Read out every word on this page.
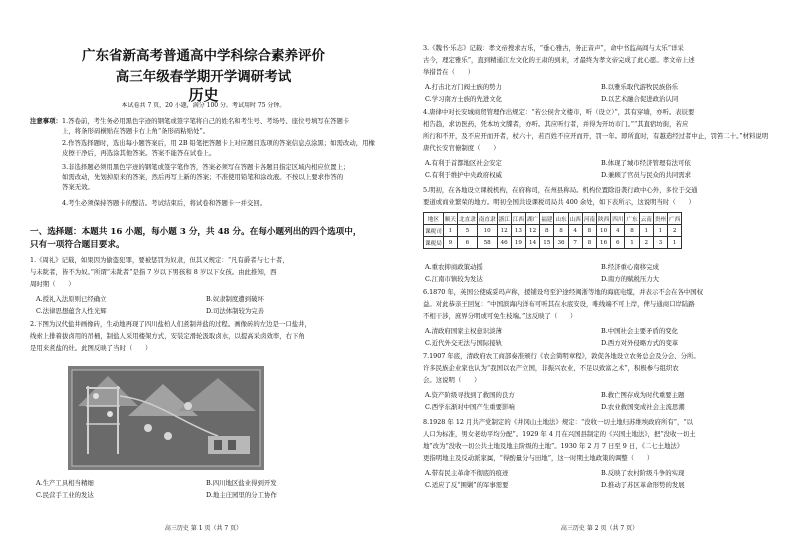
广东省新高考普通高中学科综合素养评价
高三年级春学期开学调研考试
历史
本试卷共 7 页，20 小题，满分 100 分。考试用时 75 分钟。
注意事项： 1.答卷前，考生务必用黑色字迹的钢笔或签字笔将自己的姓名和考生号、考场号、座位号填写在答题卡
上，将条形码横贴在答题卡右上角“条形码粘贴处”。
2.作答选择题时，选出每小题答案后，用 2B 铅笔把答题卡上对应题目选项的答案信息点涂黑；如需改动，用橡
皮擦干净后，再选涂其他答案。答案不能答在试卷上。
3.非选择题必须用黑色字迹的钢笔或签字笔作答，答案必须写在答题卡各题目指定区域内相应位置上；
如需改动，先划掉原来的答案，然后再写上新的答案；不准使用铅笔和涂改液。不按以上要求作答的
答案无效。
4.考生必须保持答题卡的整洁。考试结束后，将试卷和答题卡一并交回。
一、选择题：本题共 16 小题，每小题 3 分，共 48 分。在每小题列出的四个选项中，
只有一项符合题目要求。
1.《周礼》记载，如果因为偷盗犯罪，要被惩罚为奴隶，但其又规定：“凡有爵者与七十者，
与未龀者，皆不为奴。”所谓“未龀者”是指 7 岁以下男孩和 8 岁以下女孩。由此推知，西
周时期（　　）
A.授礼入法原则已经确立	B.奴隶制度遭到破坏
C.法律思想蕴含人性光辉	D.司法体制较为完善
2.下图为汉代盐井画像砖，生动地再现了四川盐柏人们煮制井盐的过程。画像砖的左边是一口盐井，
线索上排着拔卤用的吊桶，制盐人采用楼架方式，安装定滑轮汲取卤水，以提高采卤效率，右下角
是用来煮盐的灶。此图反映了当时（　　）
A.生产工具相当精细	B.四川地区盐业得到开发
C.民营手工业的发达	D.地主庄园里的分工协作
高三历史 第 1 页（共 7 页）
3.《魏书·乐志》记载：孝文帝搜求古乐，“垂心雅古，务正音声”，命中书监高闾与太乐“详采
古今，理定雅乐”，直到精通江左文化的王肃的到来，才最终为孝文帝完成了此心愿。孝文帝上述
举措旨在（　　）
A.打击北方门阀士族的势力	B.以雅乐取代游牧民族俗乐
C.学习南方士族的先进文化	D.以艺术融合促进政治认同
4.唐律中对长安城商贸管理作出规定：“若公侯舍文楼市，听（设立）”，其有穿墙，亦听。表辰要
相告趋，求访医药，凭本坊文牒者，亦听。其应听行者，并得为开坊市门。”“其直宿坊街，若应
所行和不开，及不应开而开者，杖六十，若百姓不应开而开，罚一年。即所直时，有越造经过者中止，罚笞二十。”材料说明
唐代长安官僚制度（　　）
A.有利于首都地区社会安定	B.体现了城市经济管理有法可依
C.有利于维护中央政府权威	D.兼顾了官员与民众的共同需求
5.明初，在各地设立课税机构，在府称司，在州县称局。机构位置除沿袭行政中心外，多位于交通
要道或商业繁荣的地方。明初全国共设课税司局共 400 余处，如下表所示，这说明当时（　　）
地区	顺天	北直隶	南直隶	浙江	江西	湖广	福建	山东	山西	河南	陕西	四川	广东	云南	贵州	广西
课税司	1	5	10	12	13	12	8	8	4	8	10	4	8	1	1	2
课税局	9	6	58	46	19	14	15	36	7	8	16	6	1	2	3	1
A.重农抑商政策动摇	B.经济重心南移完成
C.江南市镇较为发达	D.南方的赋税压力大
6.1870 年，英国公使威妥玛声称，援铺设弯至沪途经闽浙等地的海底电缆，并表示不会在各中国权
益。对此恭亲王回复：“中国滨海内洋布可听其在水底安设，唯线端不可上岸，俾与通商口岸陆路
不相干涉，庶界分明或可免生枝端。”这反映了（　　）
A.清政府国家主权意识淡薄	B.中国社会主要矛盾的变化
C.近代外交无法与国际接轨	D.西方对外侵略方式的变革
7.1907 年底，清政府农工商部奏准颁行《农会简明章程》，敦促各地设立农务总会及分会、分所。
许多民族企业家也认为“我国以农产立国，非振兴农业，不足以致富之术”，积极参与组织农
会。这说明（　　）
A.资产阶级寻找到了救国的良方	B.救亡图存成为时代重要主题
C.西学东渐对中国产生重要影响	D.农业救国变成社会主流思潮
8.1928 年 12 月共产党制定的《井冈山土地法》规定：“没收一切土地归苏维埃政府所有”，“以
人口为标准，男女老幼平均分配”。1929 年 4 月在兴国县制定的《兴国土地法》，把“没收一切土
地”改为“没收一切公共土地及地主阶级的土地”。1930 年 2 月 7 日至 9 日，《二七土地法》
更指明地主及反动派家属，“得酌量分与田地”，这一时期土地政策的调整（　　）
A.带有民主革命不彻底的痕迹	B.反映了农村阶级斗争的实现
C.适应了反“围剿”的军事需要	D.推动了苏区革命形势的发展
高三历史 第 2 页（共 7 页）
